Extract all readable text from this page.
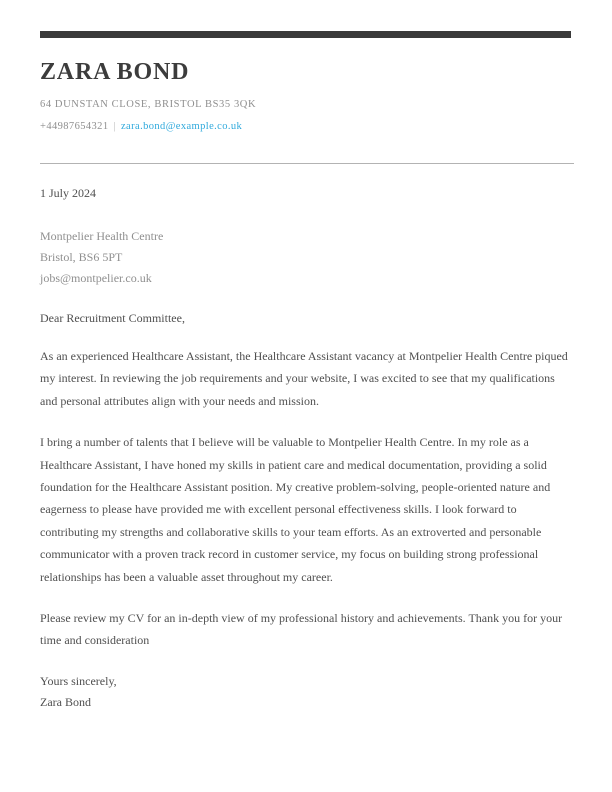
ZARA BOND
64 DUNSTAN CLOSE, BRISTOL BS35 3QK
+44987654321 | zara.bond@example.co.uk
1 July 2024
Montpelier Health Centre
Bristol, BS6 5PT
jobs@montpelier.co.uk
Dear Recruitment Committee,

As an experienced Healthcare Assistant, the Healthcare Assistant vacancy at Montpelier Health Centre piqued my interest. In reviewing the job requirements and your website, I was excited to see that my qualifications and personal attributes align with your needs and mission.

I bring a number of talents that I believe will be valuable to Montpelier Health Centre. In my role as a Healthcare Assistant, I have honed my skills in patient care and medical documentation, providing a solid foundation for the Healthcare Assistant position. My creative problem-solving, people-oriented nature and eagerness to please have provided me with excellent personal effectiveness skills. I look forward to contributing my strengths and collaborative skills to your team efforts. As an extroverted and personable communicator with a proven track record in customer service, my focus on building strong professional relationships has been a valuable asset throughout my career.

Please review my CV for an in-depth view of my professional history and achievements. Thank you for your time and consideration

Yours sincerely,
Zara Bond
